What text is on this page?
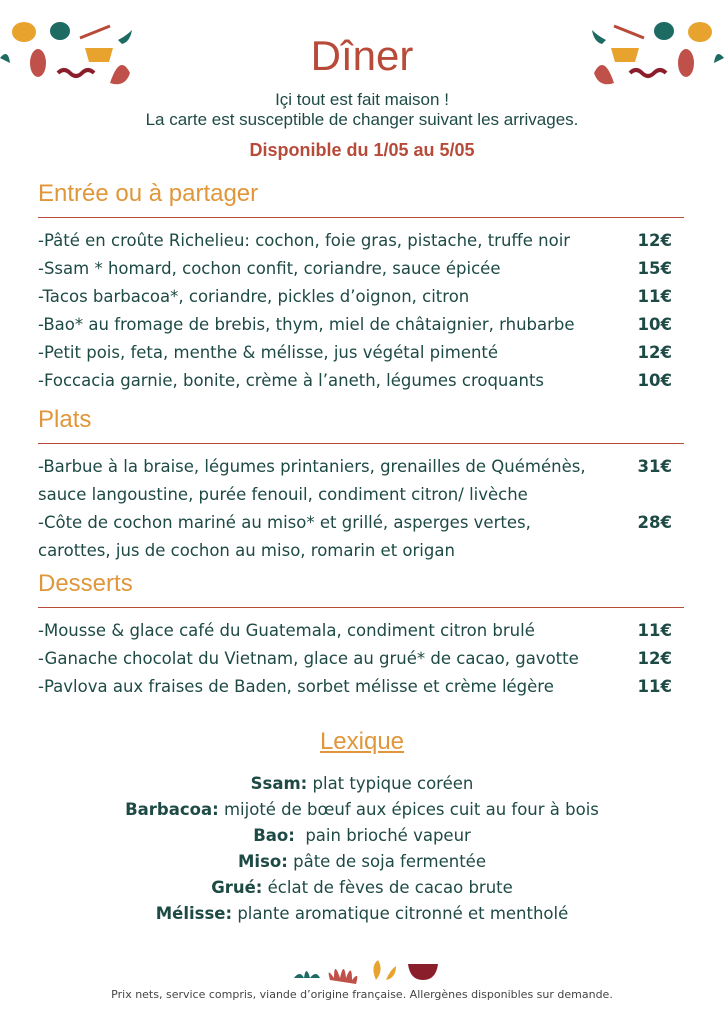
Dîner
Içi tout est fait maison !
La carte est susceptible de changer suivant les arrivages.
Disponible du 1/05 au 5/05
Entrée ou à partager
-Pâté en croûte Richelieu: cochon, foie gras, pistache, truffe noir	12€
-Ssam * homard, cochon confit, coriandre, sauce épicée	15€
-Tacos barbacoa*, coriandre, pickles d’oignon, citron	11€
-Bao* au fromage de brebis, thym, miel de châtaignier, rhubarbe	10€
-Petit pois, feta, menthe & mélisse, jus végétal pimenté	12€
-Foccacia garnie, bonite, crème à l’aneth, légumes croquants	10€
Plats
-Barbue à la braise, légumes printaniers, grenailles de Quéménès,	31€
sauce langoustine, purée fenouil, condiment citron/ livèche
-Côte de cochon mariné au miso* et grillé, asperges vertes,	28€
carottes, jus de cochon au miso, romarin et origan
Desserts
-Mousse & glace café du Guatemala, condiment citron brulé	11€
-Ganache chocolat du Vietnam, glace au grué* de cacao, gavotte	12€
-Pavlova aux fraises de Baden, sorbet mélisse et crème légère	11€
Lexique
Ssam: plat typique coréen
Barbacoa: mijoté de bœuf aux épices cuit au four à bois
Bao:  pain brioché vapeur
Miso: pâte de soja fermentée
Grué: éclat de fèves de cacao brute
Mélisse: plante aromatique citronné et mentholé
Prix nets, service compris, viande d’origine française. Allergènes disponibles sur demande.
